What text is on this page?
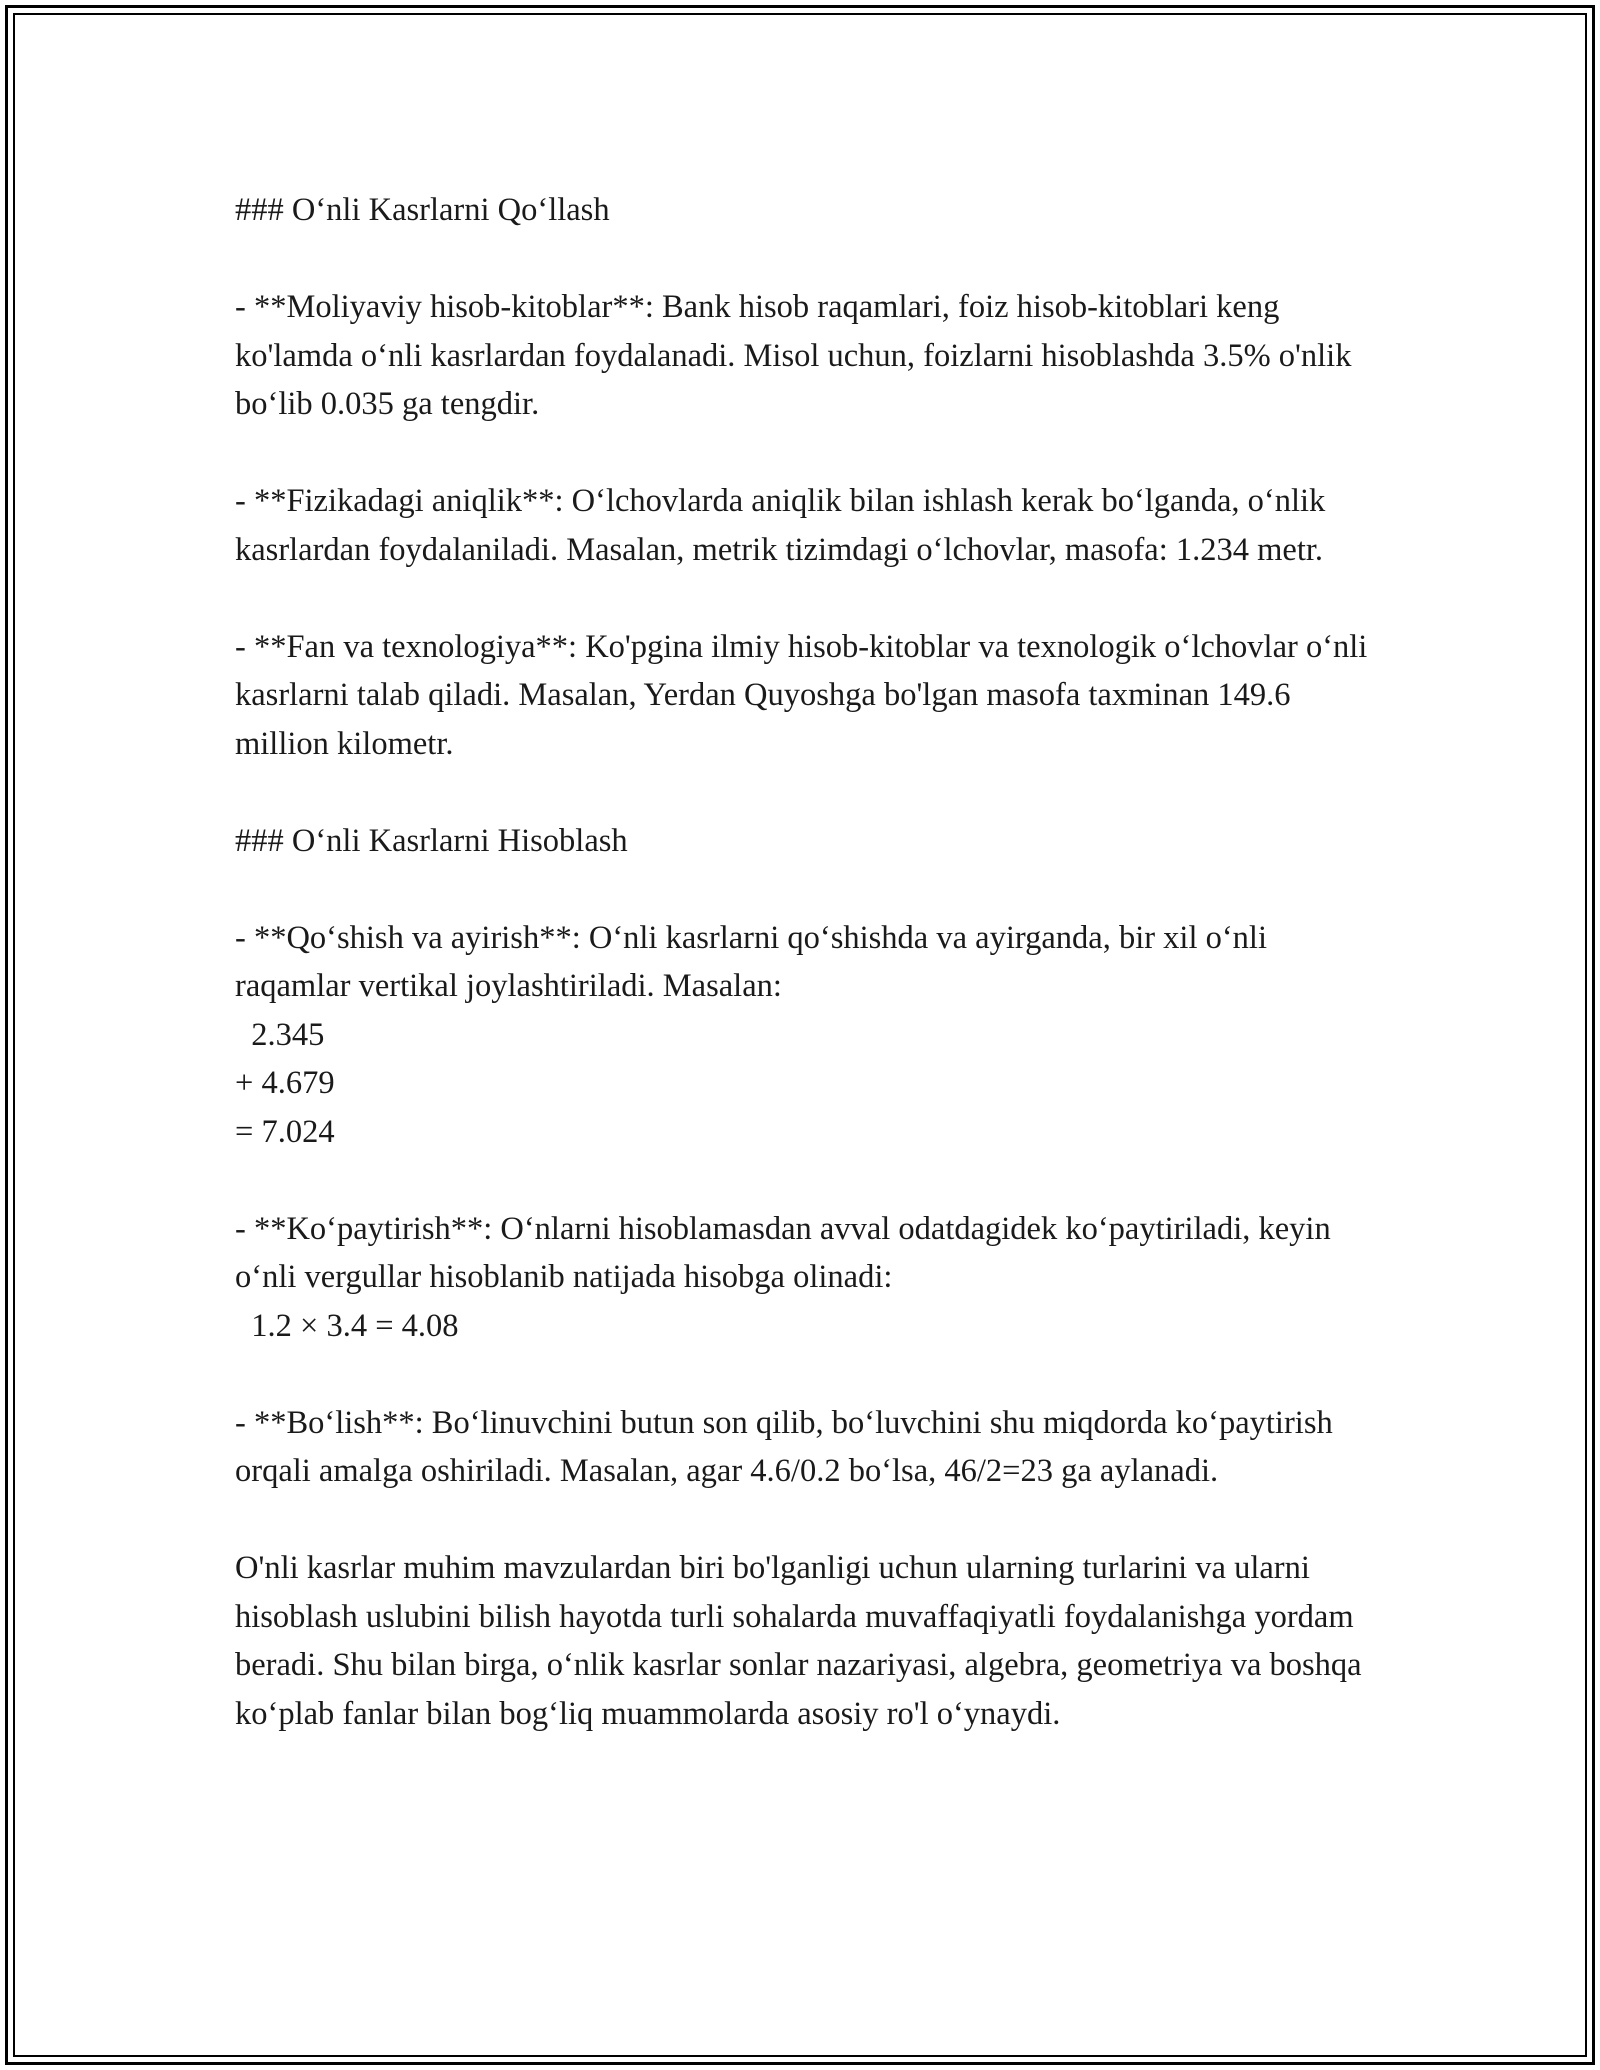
### O‘nli Kasrlarni Qo‘llash

- **Moliyaviy hisob-kitoblar**: Bank hisob raqamlari, foiz hisob-kitoblari keng ko'lamda o‘nli kasrlardan foydalanadi. Misol uchun, foizlarni hisoblashda 3.5% o'nlik bo‘lib 0.035 ga tengdir.

- **Fizikadagi aniqlik**: O‘lchovlarda aniqlik bilan ishlash kerak bo‘lganda, o‘nlik kasrlardan foydalaniladi. Masalan, metrik tizimdagi o‘lchovlar, masofa: 1.234 metr.

- **Fan va texnologiya**: Ko'pgina ilmiy hisob-kitoblar va texnologik o‘lchovlar o‘nli kasrlarni talab qiladi. Masalan, Yerdan Quyoshga bo'lgan masofa taxminan 149.6 million kilometr.

### O‘nli Kasrlarni Hisoblash

- **Qo‘shish va ayirish**: O‘nli kasrlarni qo‘shishda va ayirganda, bir xil o‘nli raqamlar vertikal joylashtiriladi. Masalan:
2.345
+ 4.679
= 7.024

- **Ko‘paytirish**: O‘nlarni hisoblamasdan avval odatdagidek ko‘paytiriladi, keyin o‘nli vergullar hisoblanib natijada hisobga olinadi:
1.2 × 3.4 = 4.08

- **Bo‘lish**: Bo‘linuvchini butun son qilib, bo‘luvchini shu miqdorda ko‘paytirish orqali amalga oshiriladi. Masalan, agar 4.6/0.2 bo‘lsa, 46/2=23 ga aylanadi.

O'nli kasrlar muhim mavzulardan biri bo'lganligi uchun ularning turlarini va ularni hisoblash uslubini bilish hayotda turli sohalarda muvaffaqiyatli foydalanishga yordam beradi. Shu bilan birga, o‘nlik kasrlar sonlar nazariyasi, algebra, geometriya va boshqa ko‘plab fanlar bilan bog‘liq muammolarda asosiy ro'l o‘ynaydi.
